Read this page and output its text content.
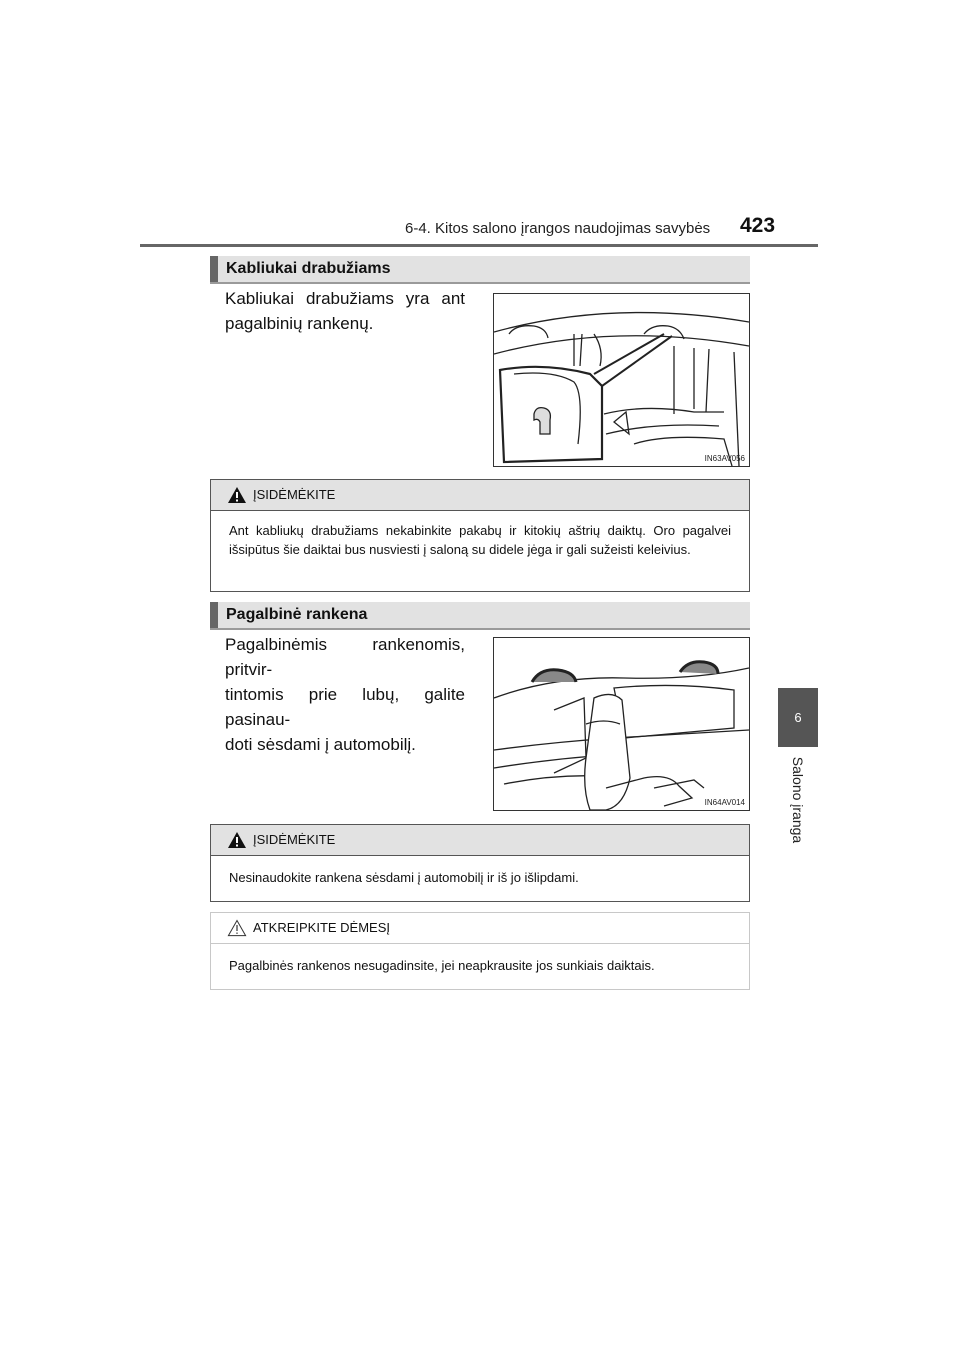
6-4. Kitos salono įrangos naudojimas savybės 423
6
Salono įranga
Kabliukai drabužiams
Kabliukai drabužiams yra ant
pagalbinių rankenų.
IN63AV056
ĮSIDĖMĖKITE
Ant kabliukų drabužiams nekabinkite pakabų ir kitokių aštrių daiktų. Oro pagalvei išsipūtus šie daiktai bus nusviesti į saloną su didele jėga ir gali sužeisti keleivius.
Pagalbinė rankena
Pagalbinėmis rankenomis, pritvir-
tintomis prie lubų, galite pasinau-
doti sėsdami į automobilį.
IN64AV014
ĮSIDĖMĖKITE
Nesinaudokite rankena sėsdami į automobilį ir iš jo išlipdami.
ATKREIPKITE DĖMESĮ
Pagalbinės rankenos nesugadinsite, jei neapkrausite jos sunkiais daiktais.
